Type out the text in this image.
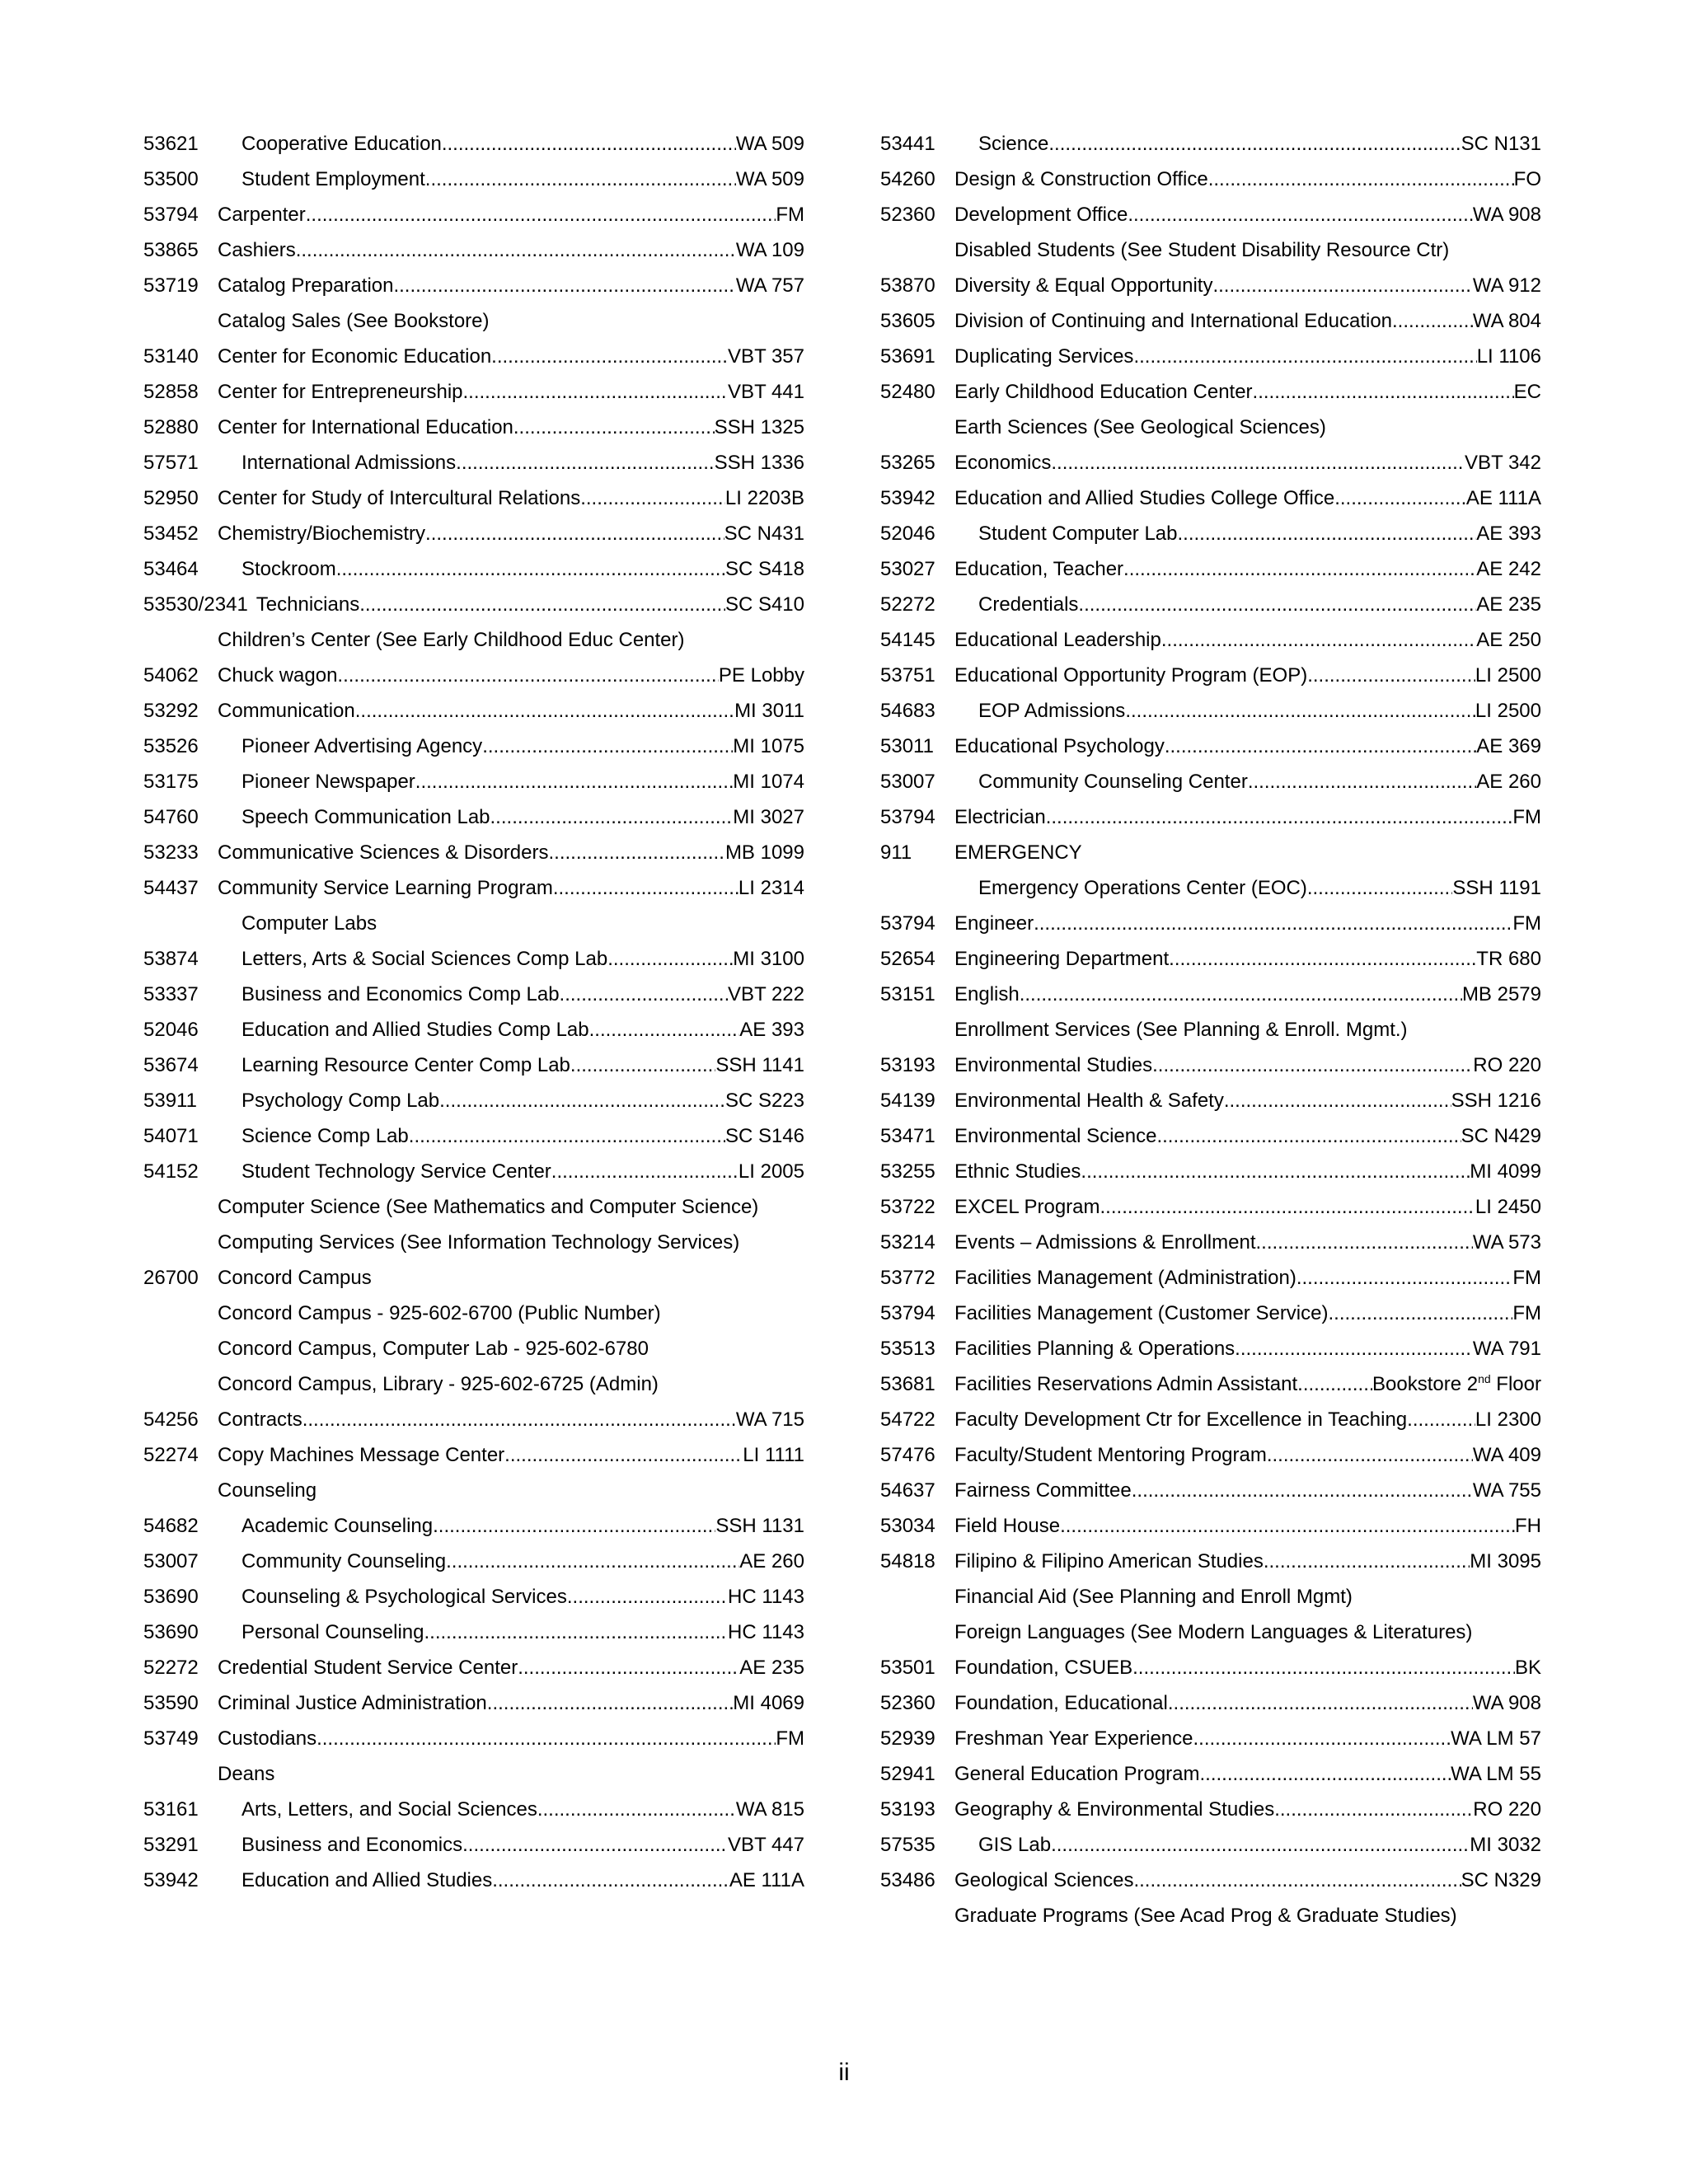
53621	Cooperative Education .....	WA 509
53500	Student Employment .....	WA 509
53794 Carpenter .....	FM
53865 Cashiers .....	WA 109
53719 Catalog Preparation .....	WA 757
Catalog Sales (See Bookstore)
53140 Center for Economic Education .....	VBT 357
52858 Center for Entrepreneurship .....	VBT 441
52880 Center for International Education .....	SSH 1325
57571	International Admissions .....	SSH 1336
52950 Center for Study of Intercultural Relations .....	LI 2203B
53452 Chemistry/Biochemistry .....	SC N431
53464	Stockroom .....	SC S418
53530/2341 Technicians .....	SC S410
Children’s Center (See Early Childhood Educ Center)
54062 Chuck wagon .....	PE Lobby
53292 Communication .....	MI 3011
53526	Pioneer Advertising Agency .....	MI 1075
53175	Pioneer Newspaper .....	MI 1074
54760	Speech Communication Lab .....	MI 3027
53233 Communicative Sciences & Disorders .....	MB 1099
54437 Community Service Learning Program .....	LI 2314
Computer Labs
53874	Letters, Arts & Social Sciences Comp Lab .....	MI 3100
53337	Business and Economics Comp Lab .....	VBT 222
52046	Education and Allied Studies Comp Lab .....	AE 393
53674	Learning Resource Center Comp Lab .....	SSH 1141
53911	Psychology Comp Lab .....	SC S223
54071	Science Comp Lab .....	SC S146
54152	Student Technology Service Center .....	LI 2005
Computer Science (See Mathematics and Computer Science)
Computing Services (See Information Technology Services)
26700 Concord Campus
Concord Campus - 925-602-6700 (Public Number)
Concord Campus, Computer Lab - 925-602-6780
Concord Campus, Library - 925-602-6725 (Admin)
54256 Contracts .....	WA 715
52274 Copy Machines Message Center .....	LI 1111
Counseling
54682	Academic Counseling .....	SSH 1131
53007	Community Counseling .....	AE 260
53690	Counseling & Psychological Services .....	HC 1143
53690	Personal Counseling .....	HC 1143
52272 Credential Student Service Center .....	AE 235
53590 Criminal Justice Administration .....	MI 4069
53749 Custodians .....	FM
Deans
53161	Arts, Letters, and Social Sciences .....	WA 815
53291	Business and Economics .....	VBT 447
53942	Education and Allied Studies .....	AE 111A
53441	Science .....	SC N131
54260 Design & Construction Office .....	FO
52360 Development Office .....	WA 908
Disabled Students (See Student Disability Resource Ctr)
53870 Diversity & Equal Opportunity .....	WA 912
53605 Division of Continuing and International Education .....	WA 804
53691 Duplicating Services .....	LI 1106
52480 Early Childhood Education Center .....	EC
Earth Sciences (See Geological Sciences)
53265 Economics .....	VBT 342
53942 Education and Allied Studies College Office .....	AE 111A
52046	Student Computer Lab .....	AE 393
53027 Education, Teacher .....	AE 242
52272	Credentials .....	AE 235
54145 Educational Leadership .....	AE 250
53751 Educational Opportunity Program (EOP) .....	LI 2500
54683	EOP Admissions .....	LI 2500
53011	Educational Psychology .....	AE 369
53007	Community Counseling Center .....	AE 260
53794 Electrician .....	FM
911	EMERGENCY
Emergency Operations Center (EOC) .....	SSH 1191
53794 Engineer .....	FM
52654 Engineering Department .....	TR 680
53151 English .....	MB 2579
Enrollment Services (See Planning & Enroll. Mgmt.)
53193 Environmental Studies .....	RO 220
54139 Environmental Health & Safety .....	SSH 1216
53471 Environmental Science .....	SC N429
53255 Ethnic Studies .....	MI 4099
53722 EXCEL Program .....	LI 2450
53214 Events – Admissions & Enrollment .....	WA 573
53772 Facilities Management (Administration) .....	FM
53794 Facilities Management (Customer Service) .....	FM
53513 Facilities Planning & Operations .....	WA 791
53681 Facilities Reservations Admin Assistant .....	Bookstore 2nd Floor
54722 Faculty Development Ctr for Excellence in Teaching .....	LI 2300
57476 Faculty/Student Mentoring Program .....	WA 409
54637 Fairness Committee .....	WA 755
53034 Field House .....	FH
54818 Filipino & Filipino American Studies .....	MI 3095
Financial Aid (See Planning and Enroll Mgmt)
Foreign Languages (See Modern Languages & Literatures)
53501 Foundation, CSUEB .....	BK
52360 Foundation, Educational .....	WA 908
52939 Freshman Year Experience .....	WA LM 57
52941 General Education Program .....	WA LM 55
53193 Geography & Environmental Studies .....	RO 220
57535	GIS Lab .....	MI 3032
53486 Geological Sciences .....	SC N329
Graduate Programs (See Acad Prog & Graduate Studies)
ii
